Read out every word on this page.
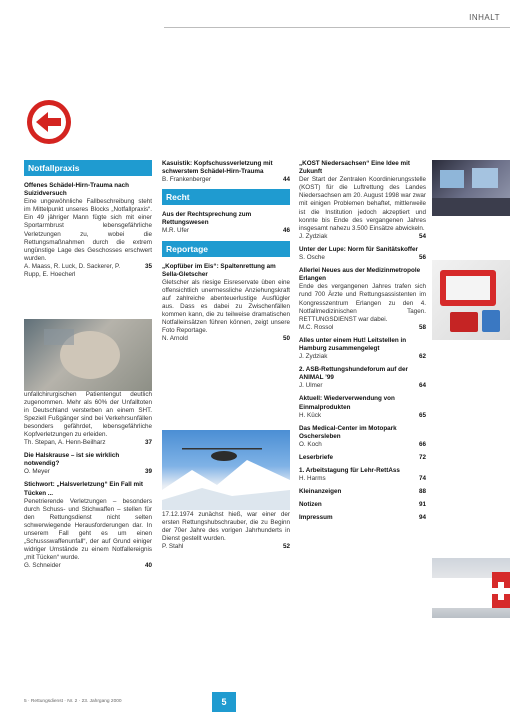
INHALT
Notfallpraxis
Offenes Schädel-Hirn-Trauma nach Suizidversuch
Eine ungewöhnliche Fallbeschreibung steht im Mittelpunkt unseres Blocks „Notfallpraxis“. Ein 49 jähriger Mann fügte sich mit einer Sportarmbrust lebensgefährliche Verletzungen zu, wobei die Rettungsmaßnahmen durch die extrem ungünstige Lage des Geschosses erschwert wurden.
A. Maass, R. Luck, D. Sackerer, P. Rupp, E. Hoecherl
35
unfallchirurgischen Patientengut deutlich zugenommen. Mehr als 60% der Unfalltoten in Deutschland versterben an einem SHT. Speziell Fußgänger sind bei Verkehrsunfällen besonders gefährdet, lebensgefährliche Kopfverletzungen zu erleiden.
Th. Stepan, A. Henn-Beilharz	37
Die Halskrause – ist sie wirklich notwendig?
O. Meyer	39
Stichwort: „Halsverletzung“ Ein Fall mit Tücken ...
Penetrierende Verletzungen – besonders durch Schuss- und Stichwaffen – stellen für den Rettungsdienst nicht selten schwerwiegende Herausforderungen dar. In unserem Fall geht es um einen „Schussswaffenunfall“, der auf Grund einiger widriger Umstände zu einem Notfallereignis „mit Tücken“ wurde.
G. Schneider	40
Kasuistik: Kopfschussverletzung mit schwerstem Schädel-Hirn-Trauma
B. Frankenberger	44
Recht
Aus der Rechtsprechung zum Rettungswesen
M.R. Ufer	46
Reportage
„Kopfüber im Eis“: Spaltenrettung am Sella-Gletscher
Gletscher als riesige Eisreservate üben eine offensichtlich unermessliche Anziehungskraft auf zahlreiche abenteuerlustige Ausflügler aus. Dass es dabei zu Zwischenfällen kommen kann, die zu teilweise dramatischen Notfalleinsätzen führen können, zeigt unsere Foto Reportage.
N. Arnold	50
17.12.1974 zunächst hieß, war einer der ersten Rettungshubschrauber, die zu Beginn der 70er Jahre des vorigen Jahrhunderts in Dienst gestellt wurden.
P. Stahl	52
„KOST Niedersachsen“ Eine Idee mit Zukunft
Der Start der Zentralen Koordinierungsstelle (KOST) für die Luftrettung des Landes Niedersachsen am 20. August 1998 war zwar mit einigen Problemen behaftet, mittlerweile ist die Institution jedoch akzeptiert und konnte bis Ende des vergangenen Jahres insgesamt nahezu 3.500 Einsätze abwickeln.
J. Zydziak	54
Unter der Lupe: Norm für Sanitätskoffer
S. Osche	56
Allerlei Neues aus der Medizinmetropole Erlangen
Ende des vergangenen Jahres trafen sich rund 700 Ärzte und Rettungsassistenten im Kongresszentrum Erlangen zu den 4. Notfallmedizinischen Tagen. RETTUNGSDIENST war dabei.
M.C. Rossol	58
Alles unter einem Hut! Leitstellen in Hamburg zusammengelegt
J. Zydziak	62
2. ASB-Rettungshundeforum auf der ANIMAL ’99
J. Ulmer	64
Aktuell: Wiederverwendung von Einmalprodukten
H. Kück	65
Das Medical-Center im Motopark Oschersleben
O. Koch	66
Leserbriefe	72
1. Arbeitstagung für Lehr-RettAss
H. Harms	74
Kleinanzeigen	88
Notizen	91
Impressum	94
5 · Rettungsdienst · Nr. 2 · 23. Jahrgang 2000	5
